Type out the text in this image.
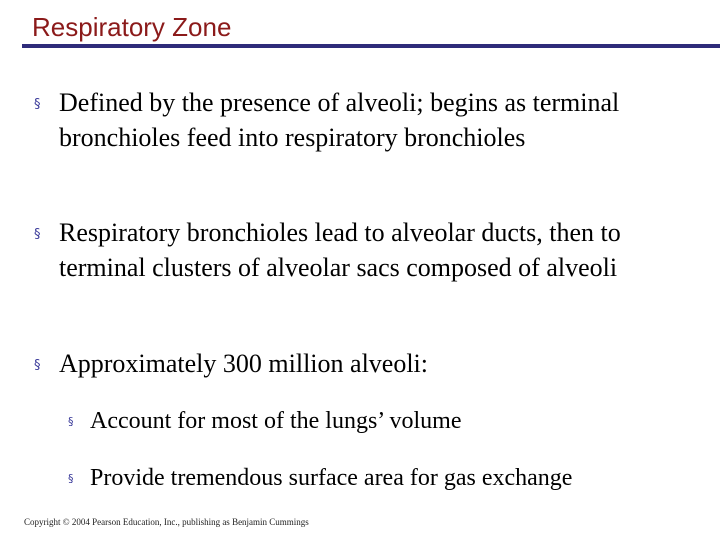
Respiratory Zone
§ Defined by the presence of alveoli; begins as terminal bronchioles feed into respiratory bronchioles
§ Respiratory bronchioles lead to alveolar ducts, then to terminal clusters of alveolar sacs composed of alveoli
§ Approximately 300 million alveoli:
§ Account for most of the lungs’ volume
§ Provide tremendous surface area for gas exchange
Copyright © 2004 Pearson Education, Inc., publishing as Benjamin Cummings
